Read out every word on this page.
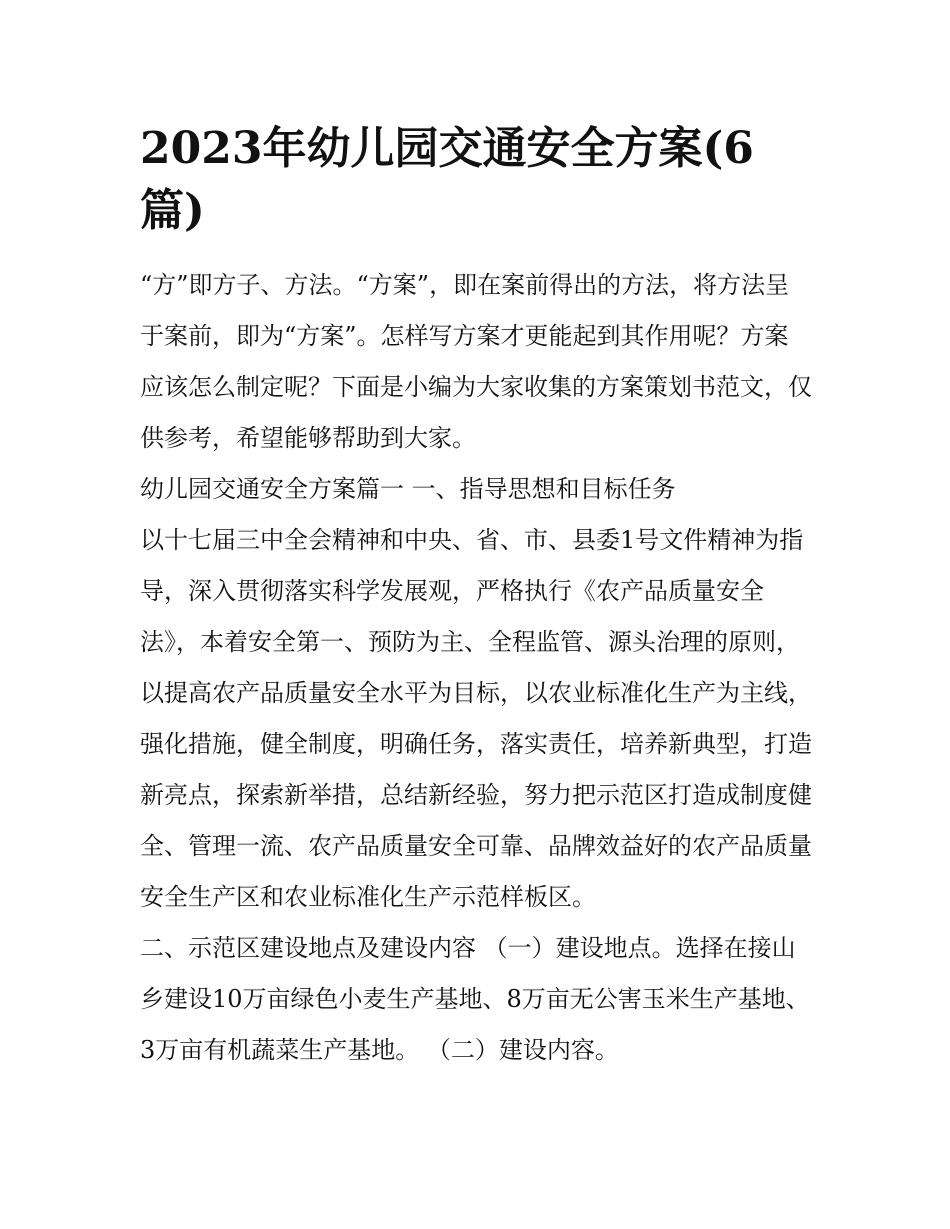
2023年幼儿园交通安全方案(6篇)

“方”即方子、方法。“方案”，即在案前得出的方法，将方法呈于案前，即为“方案”。怎样写方案才更能起到其作用呢？方案应该怎么制定呢？下面是小编为大家收集的方案策划书范文，仅供参考，希望能够帮助到大家。

幼儿园交通安全方案篇一 一、指导思想和目标任务

以十七届三中全会精神和中央、省、市、县委1号文件精神为指导，深入贯彻落实科学发展观，严格执行《农产品质量安全法》，本着安全第一、预防为主、全程监管、源头治理的原则，以提高农产品质量安全水平为目标，以农业标准化生产为主线，强化措施，健全制度，明确任务，落实责任，培养新典型，打造新亮点，探索新举措，总结新经验，努力把示范区打造成制度健全、管理一流、农产品质量安全可靠、品牌效益好的农产品质量安全生产区和农业标准化生产示范样板区。

二、示范区建设地点及建设内容 （一）建设地点。选择在接山乡建设10万亩绿色小麦生产基地、8万亩无公害玉米生产基地、3万亩有机蔬菜生产基地。 （二）建设内容。
